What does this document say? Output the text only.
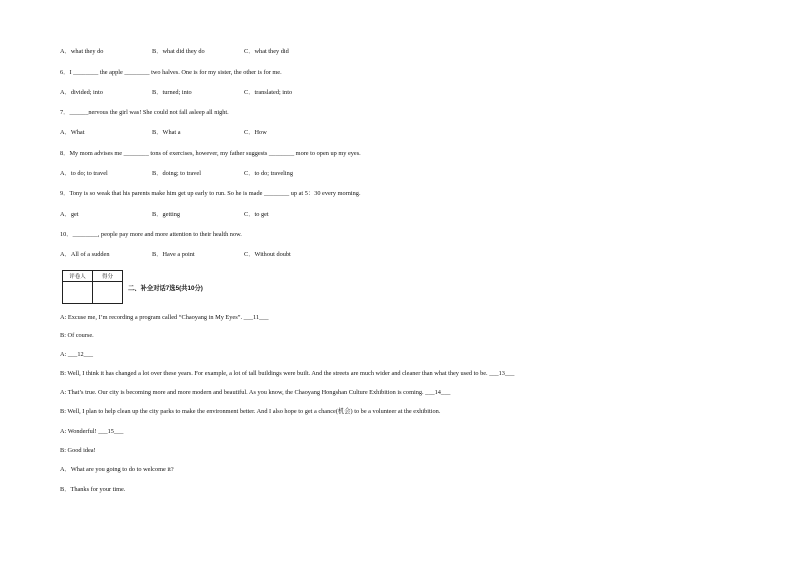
A．what they do	B．what did they do	C．what they did
6．I ________ the apple ________ two halves. One is for my sister, the other is for me.
A．divided; into	B．turned; into	C．translated; into
7．______nervous the girl was! She could not fall asleep all night.
A．What	B．What a	C．How
8．My mom advises me ________ tons of exercises, however, my father suggests ________ more to open up my eyes.
A．to do; to travel	B．doing; to travel	C．to do; traveling
9．Tony is so weak that his parents make him get up early to run. So he is made ________ up at 5：30 every morning.
A．get	B．getting	C．to get
10．________, people pay more and more attention to their health now.
A．All of a sudden	B．Have a point	C．Without doubt
评卷人	得分

二、补全对话7选5(共10分)
A: Excuse me, I’m recording a program called “Chaoyang in My Eyes”. ___11___
B: Of course.
A: ___12___
B: Well, I think it has changed a lot over these years. For example, a lot of tall buildings were built. And the streets are much wider and cleaner than what they used to be. ___13___
A: That’s true. Our city is becoming more and more modern and beautiful. As you know, the Chaoyang Hongshan Culture Exhibition is coming. ___14___
B: Well, I plan to help clean up the city parks to make the environment better. And I also hope to get a chance(机会) to be a volunteer at the exhibition.
A: Wonderful! ___15___
B: Good idea!
A．What are you going to do to welcome it?
B．Thanks for your time.
